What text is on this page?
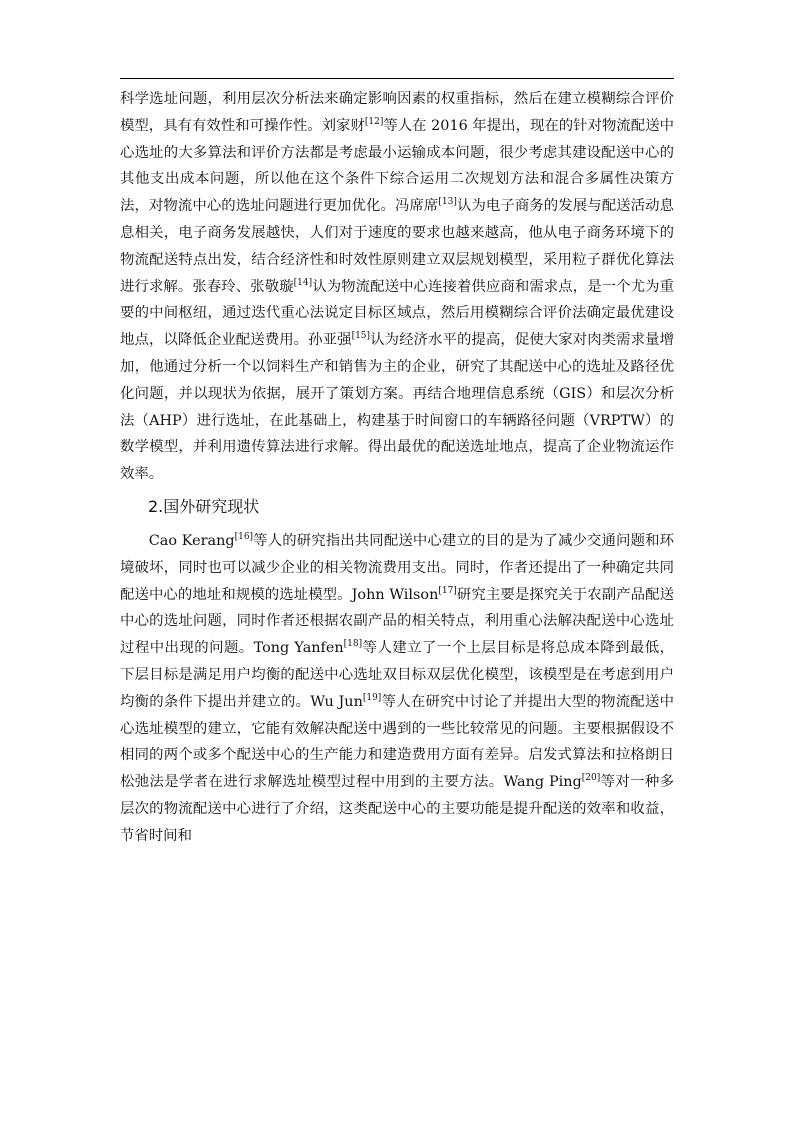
科学选址问题，利用层次分析法来确定影响因素的权重指标，然后在建立模糊综合评价模型，具有有效性和可操作性。刘家财[12]等人在 2016 年提出，现在的针对物流配送中心选址的大多算法和评价方法都是考虑最小运输成本问题，很少考虑其建设配送中心的其他支出成本问题，所以他在这个条件下综合运用二次规划方法和混合多属性决策方法，对物流中心的选址问题进行更加优化。冯席席[13]认为电子商务的发展与配送活动息息相关，电子商务发展越快，人们对于速度的要求也越来越高，他从电子商务环境下的物流配送特点出发，结合经济性和时效性原则建立双层规划模型，采用粒子群优化算法进行求解。张春玲、张敬璇[14]认为物流配送中心连接着供应商和需求点，是一个尤为重要的中间枢纽，通过迭代重心法说定目标区域点，然后用模糊综合评价法确定最优建设地点，以降低企业配送费用。孙亚强[15]认为经济水平的提高，促使大家对肉类需求量增加，他通过分析一个以饲料生产和销售为主的企业，研究了其配送中心的选址及路径优化问题，并以现状为依据，展开了策划方案。再结合地理信息系统（GIS）和层次分析法（AHP）进行选址，在此基础上，构建基于时间窗口的车辆路径问题（VRPTW）的数学模型，并利用遗传算法进行求解。得出最优的配送选址地点，提高了企业物流运作效率。

2.国外研究现状

Cao Kerang[16]等人的研究指出共同配送中心建立的目的是为了减少交通问题和环境破坏，同时也可以减少企业的相关物流费用支出。同时，作者还提出了一种确定共同配送中心的地址和规模的选址模型。John Wilson[17]研究主要是探究关于农副产品配送中心的选址问题，同时作者还根据农副产品的相关特点，利用重心法解决配送中心选址过程中出现的问题。Tong Yanfen[18]等人建立了一个上层目标是将总成本降到最低，下层目标是满足用户均衡的配送中心选址双目标双层优化模型，该模型是在考虑到用户均衡的条件下提出并建立的。Wu Jun[19]等人在研究中讨论了并提出大型的物流配送中心选址模型的建立，它能有效解决配送中遇到的一些比较常见的问题。主要根据假设不相同的两个或多个配送中心的生产能力和建造费用方面有差异。启发式算法和拉格朗日松弛法是学者在进行求解选址模型过程中用到的主要方法。Wang Ping[20]等对一种多层次的物流配送中心进行了介绍，这类配送中心的主要功能是提升配送的效率和收益，节省时间和
